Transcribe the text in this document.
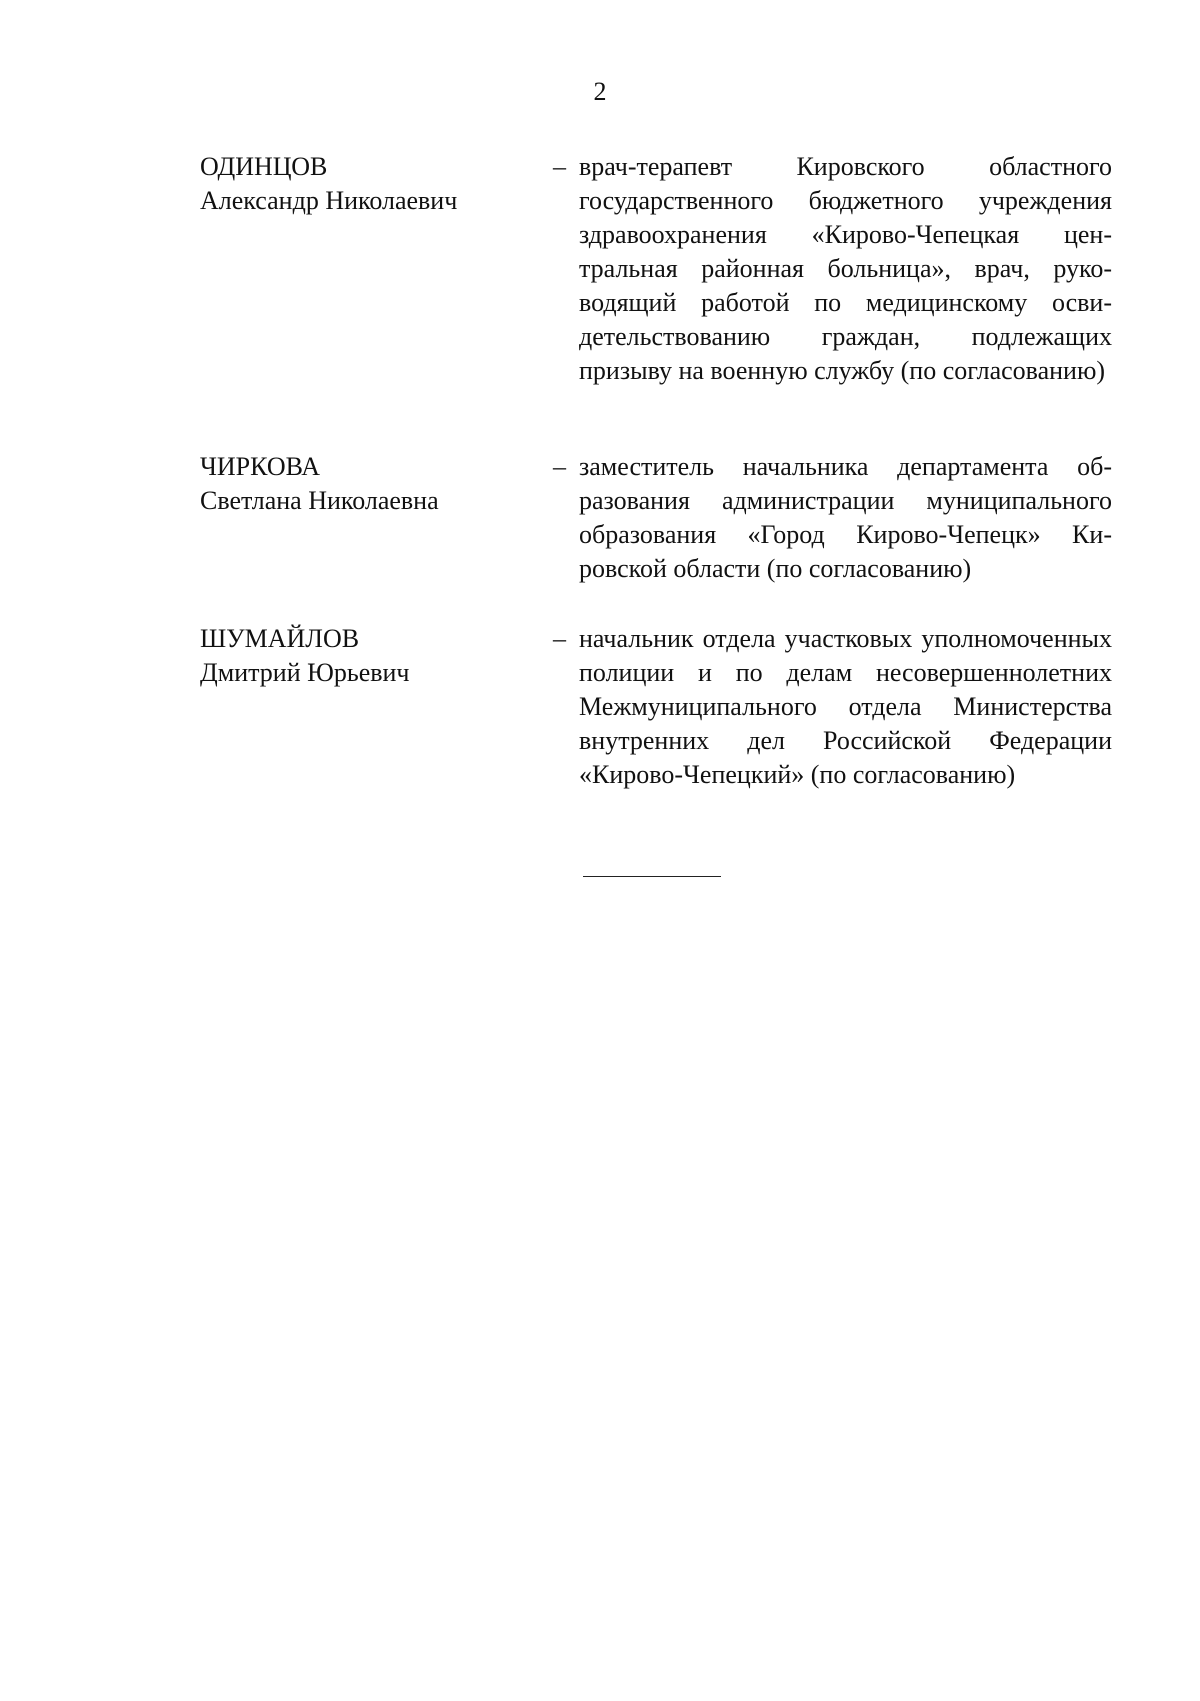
2
ОДИНЦОВ
Александр Николаевич
– врач-терапевт Кировского областного государственного бюджетного учреждения здравоохранения «Кирово-Чепецкая центральная районная больница», врач, руководящий работой по медицинскому освидетельствованию граждан, подлежащих призыву на военную службу (по согласованию)
ЧИРКОВА
Светлана Николаевна
– заместитель начальника департамента образования администрации муниципального образования «Город Кирово-Чепецк» Кировской области (по согласованию)
ШУМАЙЛОВ
Дмитрий Юрьевич
– начальник отдела участковых уполномоченных полиции и по делам несовершеннолетних Межмуниципального отдела Министерства внутренних дел Российской Федерации «Кирово-Чепецкий» (по согласованию)
